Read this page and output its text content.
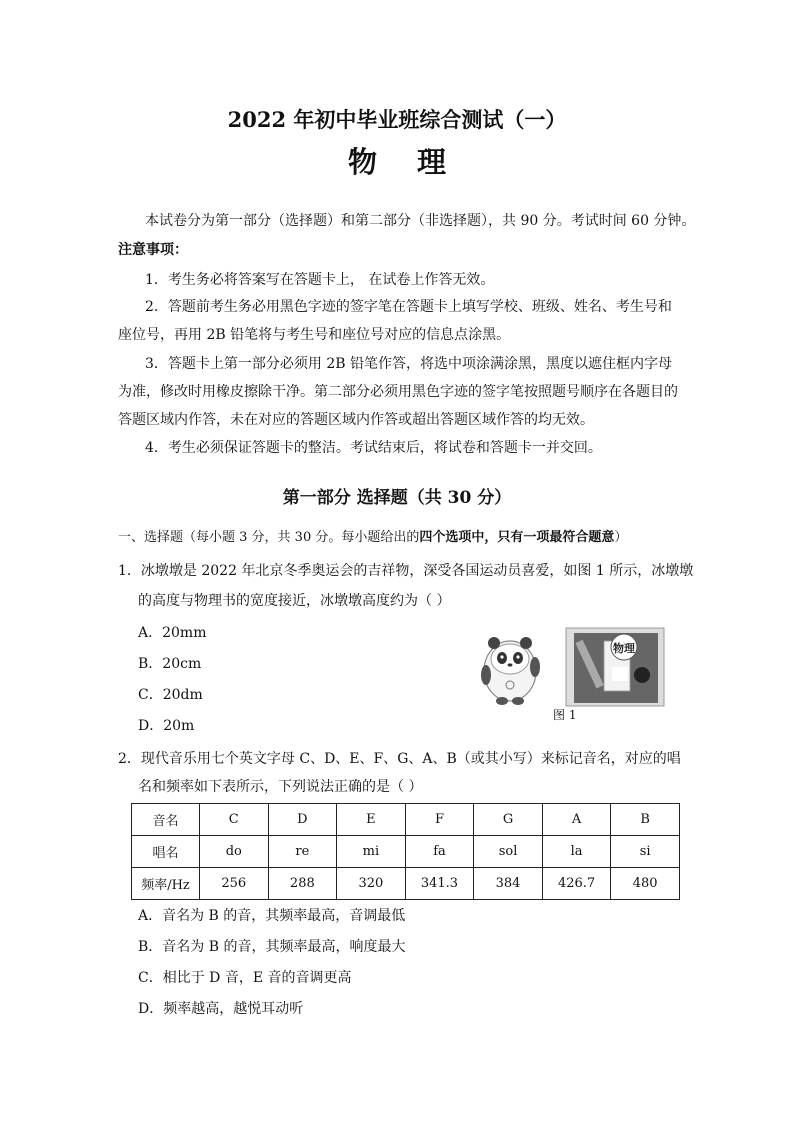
2022 年初中毕业班综合测试（一）
物理
本试卷分为第一部分（选择题）和第二部分（非选择题），共 90 分。考试时间 60 分钟。
注意事项：
1．考生务必将答案写在答题卡上， 在试卷上作答无效。
2．答题前考生务必用黑色字迹的签字笔在答题卡上填写学校、班级、姓名、考生号和
座位号，再用 2B 铅笔将与考生号和座位号对应的信息点涂黑。
3．答题卡上第一部分必须用 2B 铅笔作答，将选中项涂满涂黑，黑度以遮住框内字母
为准，修改时用橡皮擦除干净。第二部分必须用黑色字迹的签字笔按照题号顺序在各题目的
答题区域内作答，未在对应的答题区域内作答或超出答题区域作答的均无效。
4．考生必须保证答题卡的整洁。考试结束后，将试卷和答题卡一并交回。
第一部分 选择题（共 30 分）
一、选择题（每小题 3 分，共 30 分。每小题给出的四个选项中，只有一项最符合题意）
1．冰墩墩是 2022 年北京冬季奥运会的吉祥物，深受各国运动员喜爱，如图 1 所示，冰墩墩
的高度与物理书的宽度接近，冰墩墩高度约为（ ）
A．20mm
B．20cm
C．20dm
D．20m
物理
图 1
2．现代音乐用七个英文字母 C、D、E、F、G、A、B（或其小写）来标记音名，对应的唱
名和频率如下表所示，下列说法正确的是（ ）
音名	C	D	E	F	G	A	B
唱名	do	re	mi	fa	sol	la	si
频率/Hz	256	288	320	341.3	384	426.7	480
A．音名为 B 的音，其频率最高，音调最低
B．音名为 B 的音，其频率最高，响度最大
C．相比于 D 音，E 音的音调更高
D．频率越高，越悦耳动听
